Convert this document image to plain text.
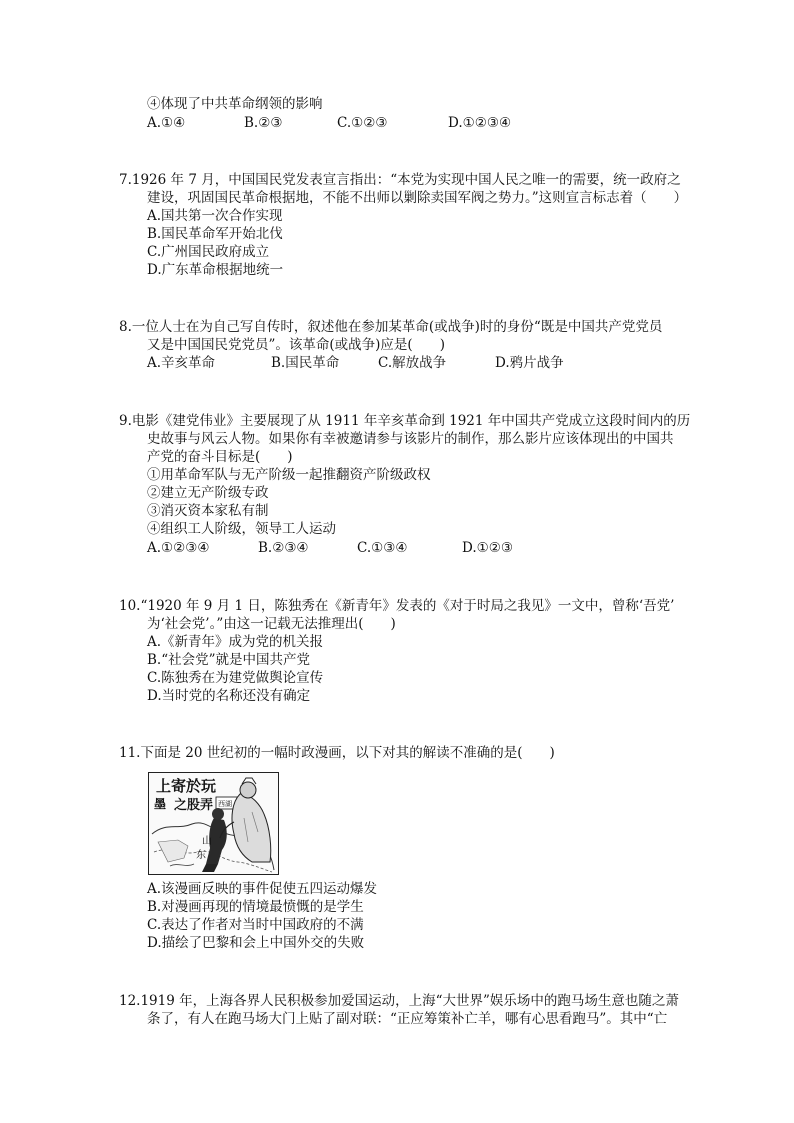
④体现了中共革命纲领的影响
A.①④	B.②③	C.①②③	D.①②③④
7.1926 年 7 月，中国国民党发表宣言指出：“本党为实现中国人民之唯一的需要，统一政府之
建设，巩固国民革命根据地，不能不出师以剿除卖国军阀之势力。”这则宣言标志着（　　）
A.国共第一次合作实现
B.国民革命军开始北伐
C.广州国民政府成立
D.广东革命根据地统一
8.一位人士在为自己写自传时，叙述他在参加某革命(或战争)时的身份“既是中国共产党党员
又是中国国民党党员”。该革命(或战争)应是(　　)
A.辛亥革命	B.国民革命	C.解放战争	D.鸦片战争
9.电影《建党伟业》主要展现了从 1911 年辛亥革命到 1921 年中国共产党成立这段时间内的历
史故事与风云人物。如果你有幸被邀请参与该影片的制作，那么影片应该体现出的中国共
产党的奋斗目标是(　　)
①用革命军队与无产阶级一起推翻资产阶级政权
②建立无产阶级专政
③消灭资本家私有制
④组织工人阶级，领导工人运动
A.①②③④	B.②③④	C.①③④	D.①②③
10.“1920 年 9 月 1 日，陈独秀在《新青年》发表的《对于时局之我见》一文中，曾称‘吾党’
为‘社会党’。”由这一记载无法推理出(　　)
A.《新青年》成为党的机关报
B.“社会党”就是中国共产党
C.陈独秀在为建党做舆论宣传
D.当时党的名称还没有确定
11.下面是 20 世纪初的一幅时政漫画，以下对其的解读不准确的是(　　)
上寄於玩
之股弄
墨	西湖
山
东
A.该漫画反映的事件促使五四运动爆发
B.对漫画再现的情境最愤慨的是学生
C.表达了作者对当时中国政府的不满
D.描绘了巴黎和会上中国外交的失败
12.1919 年，上海各界人民积极参加爱国运动，上海“大世界”娱乐场中的跑马场生意也随之萧
条了，有人在跑马场大门上贴了副对联：“正应筹策补亡羊，哪有心思看跑马”。其中“亡
